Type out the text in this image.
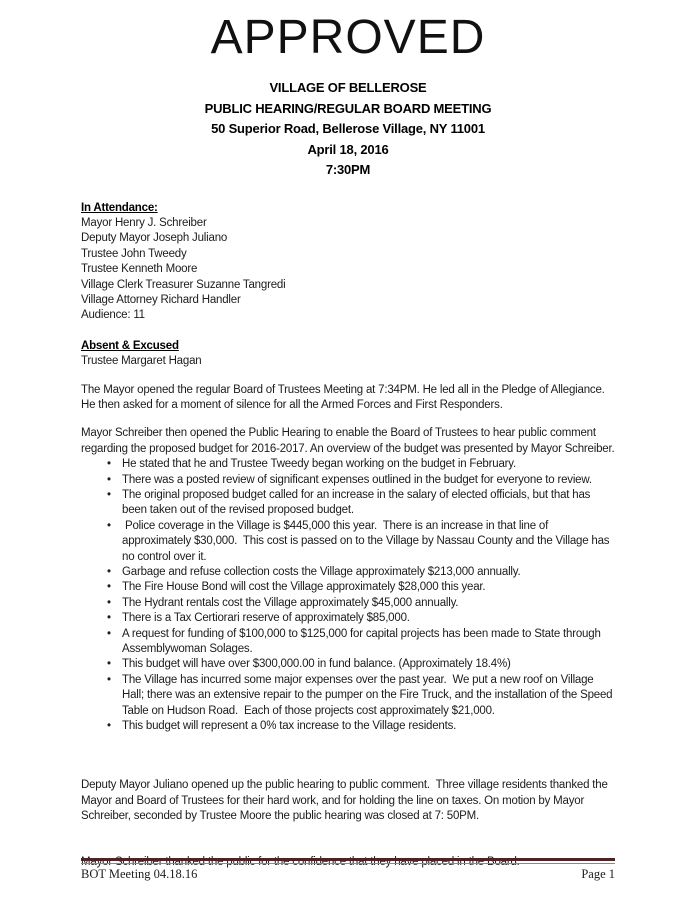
APPROVED
VILLAGE OF BELLEROSE
PUBLIC HEARING/REGULAR BOARD MEETING
50 Superior Road, Bellerose Village, NY 11001
April 18, 2016
7:30PM
In Attendance:
Mayor Henry J. Schreiber
Deputy Mayor Joseph Juliano
Trustee John Tweedy
Trustee Kenneth Moore
Village Clerk Treasurer Suzanne Tangredi
Village Attorney Richard Handler
Audience: 11
Absent & Excused
Trustee Margaret Hagan
The Mayor opened the regular Board of Trustees Meeting at 7:34PM. He led all in the Pledge of Allegiance. He then asked for a moment of silence for all the Armed Forces and First Responders.
Mayor Schreiber then opened the Public Hearing to enable the Board of Trustees to hear public comment regarding the proposed budget for 2016-2017. An overview of the budget was presented by Mayor Schreiber.
• He stated that he and Trustee Tweedy began working on the budget in February.
• There was a posted review of significant expenses outlined in the budget for everyone to review.
• The original proposed budget called for an increase in the salary of elected officials, but that has been taken out of the revised proposed budget.
•  Police coverage in the Village is $445,000 this year.  There is an increase in that line of approximately $30,000.  This cost is passed on to the Village by Nassau County and the Village has no control over it.
• Garbage and refuse collection costs the Village approximately $213,000 annually.
• The Fire House Bond will cost the Village approximately $28,000 this year.
• The Hydrant rentals cost the Village approximately $45,000 annually.
• There is a Tax Certiorari reserve of approximately $85,000.
• A request for funding of $100,000 to $125,000 for capital projects has been made to State through Assemblywoman Solages.
• This budget will have over $300,000.00 in fund balance. (Approximately 18.4%)
• The Village has incurred some major expenses over the past year.  We put a new roof on Village Hall; there was an extensive repair to the pumper on the Fire Truck, and the installation of the Speed Table on Hudson Road.  Each of those projects cost approximately $21,000.
• This budget will represent a 0% tax increase to the Village residents.

Deputy Mayor Juliano opened up the public hearing to public comment.  Three village residents thanked the Mayor and Board of Trustees for their hard work, and for holding the line on taxes. On motion by Mayor Schreiber, seconded by Trustee Moore the public hearing was closed at 7: 50PM.

Mayor Schreiber thanked the public for the confidence that they have placed in the Board.

BOT Meeting 04.18.16	Page 1
